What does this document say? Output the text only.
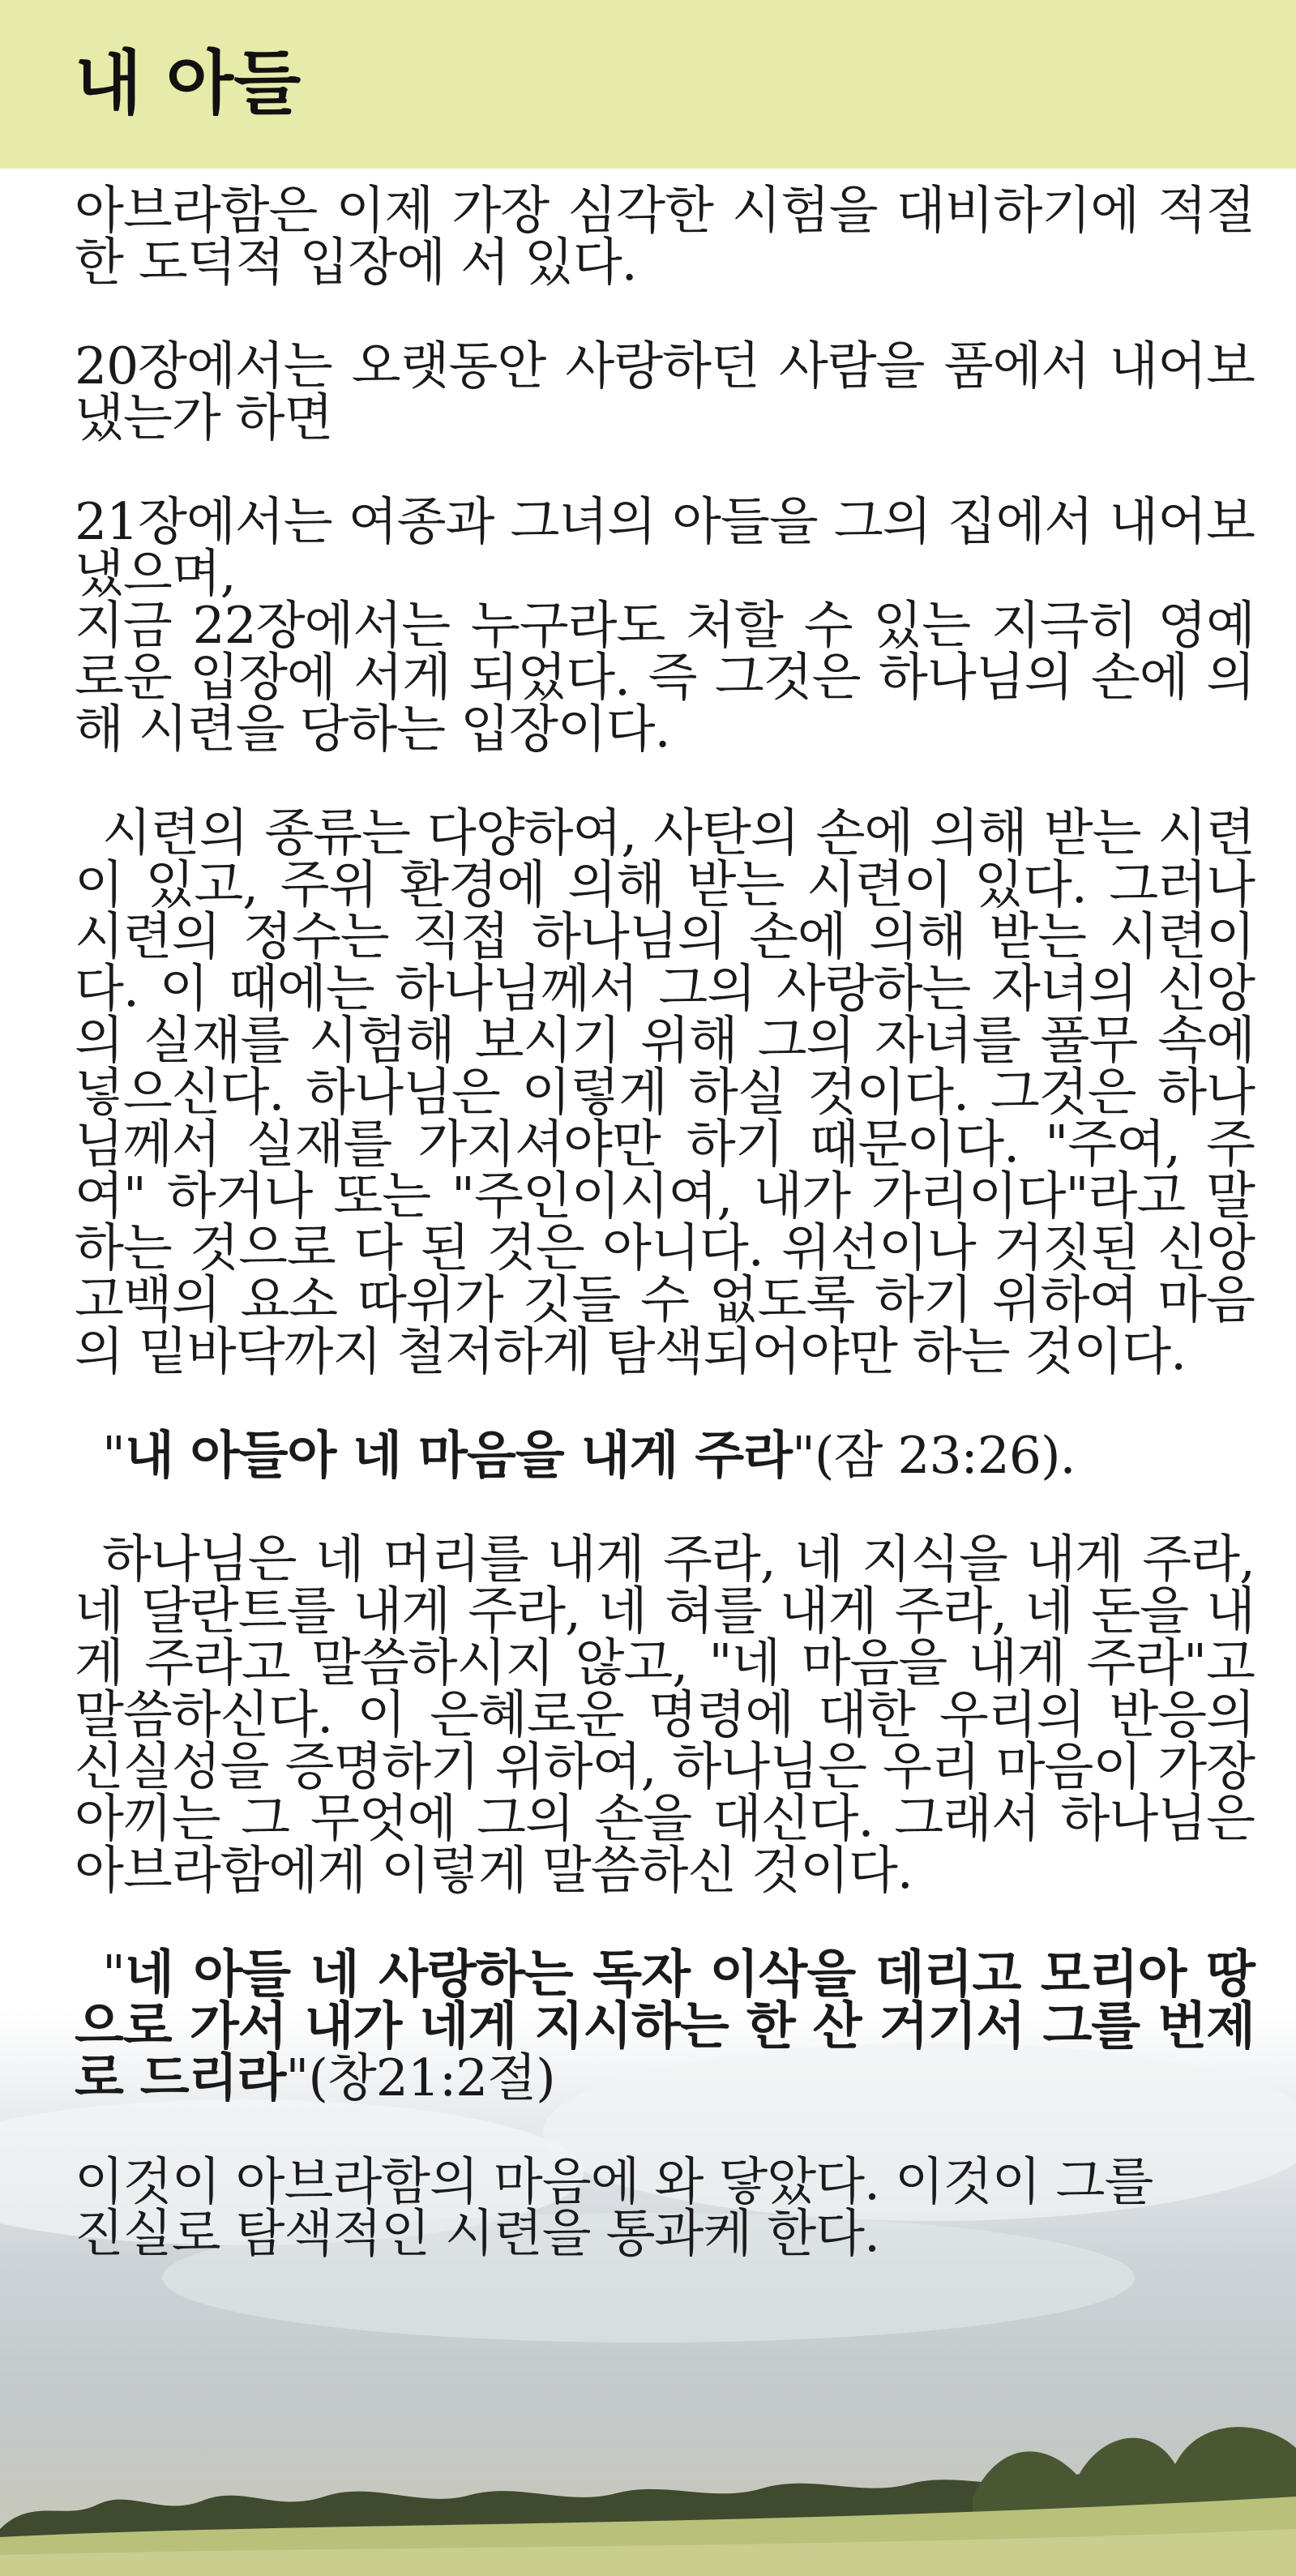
내 아들

아브라함은 이제 가장 심각한 시험을 대비하기에 적절한 도덕적 입장에 서 있다.

20장에서는 오랫동안 사랑하던 사람을 품에서 내어보냈는가 하면

21장에서는 여종과 그녀의 아들을 그의 집에서 내어보냈으며,

지금 22장에서는 누구라도 처할 수 있는 지극히 영예로운 입장에 서게 되었다. 즉 그것은 하나님의 손에 의해 시련을 당하는 입장이다.

시련의 종류는 다양하여, 사탄의 손에 의해 받는 시련이 있고, 주위 환경에 의해 받는 시련이 있다. 그러나 시련의 정수는 직접 하나님의 손에 의해 받는 시련이다. 이 때에는 하나님께서 그의 사랑하는 자녀의 신앙의 실재를 시험해 보시기 위해 그의 자녀를 풀무 속에 넣으신다. 하나님은 이렇게 하실 것이다. 그것은 하나님께서 실재를 가지셔야만 하기 때문이다. "주여, 주여" 하거나 또는 "주인이시여, 내가 가리이다"라고 말하는 것으로 다 된 것은 아니다. 위선이나 거짓된 신앙고백의 요소 따위가 깃들 수 없도록 하기 위하여 마음의 밑바닥까지 철저하게 탐색되어야만 하는 것이다.

"내 아들아 네 마음을 내게 주라"(잠 23:26).

하나님은 네 머리를 내게 주라, 네 지식을 내게 주라, 네 달란트를 내게 주라, 네 혀를 내게 주라, 네 돈을 내게 주라고 말씀하시지 않고, "네 마음을 내게 주라"고 말씀하신다. 이 은혜로운 명령에 대한 우리의 반응의 신실성을 증명하기 위하여, 하나님은 우리 마음이 가장 아끼는 그 무엇에 그의 손을 대신다. 그래서 하나님은 아브라함에게 이렇게 말씀하신 것이다.

"네 아들 네 사랑하는 독자 이삭을 데리고 모리아 땅으로 가서 내가 네게 지시하는 한 산 거기서 그를 번제로 드리라"(창21:2절)

이것이 아브라함의 마음에 와 닿았다. 이것이 그를

진실로 탐색적인 시련을 통과케 한다.
